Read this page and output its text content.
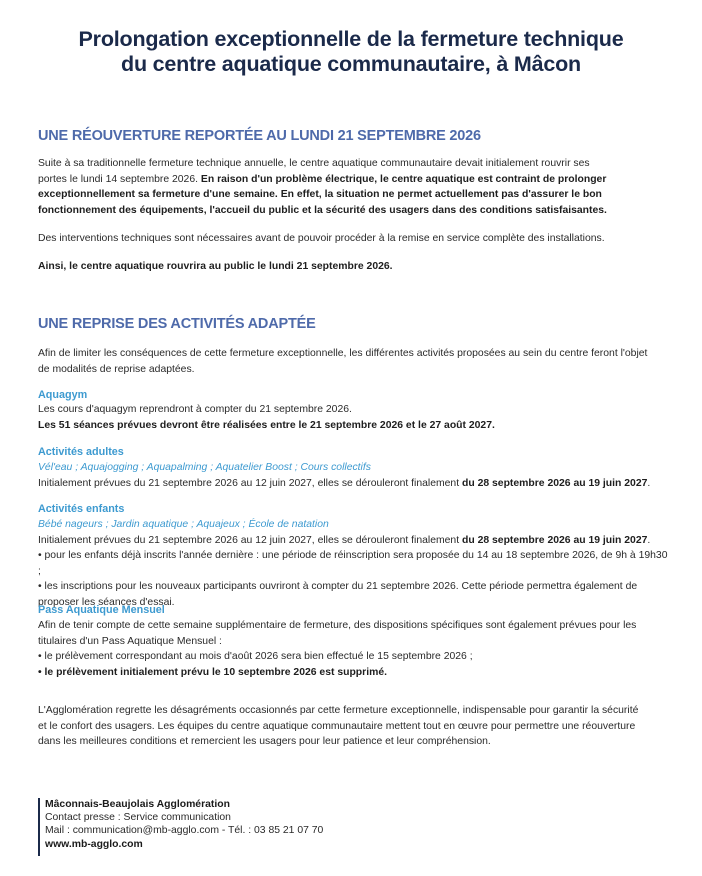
Prolongation exceptionnelle de la fermeture technique
du centre aquatique communautaire, à Mâcon
UNE RÉOUVERTURE REPORTÉE AU LUNDI 21 SEPTEMBRE 2026
Suite à sa traditionnelle fermeture technique annuelle, le centre aquatique communautaire devait initialement rouvrir ses
portes le lundi 14 septembre 2026. En raison d'un problème électrique, le centre aquatique est contraint de prolonger
exceptionnellement sa fermeture d'une semaine. En effet, la situation ne permet actuellement pas d'assurer le bon
fonctionnement des équipements, l'accueil du public et la sécurité des usagers dans des conditions satisfaisantes.

Des interventions techniques sont nécessaires avant de pouvoir procéder à la remise en service complète des installations.

Ainsi, le centre aquatique rouvrira au public le lundi 21 septembre 2026.

UNE REPRISE DES ACTIVITÉS ADAPTÉE
Afin de limiter les conséquences de cette fermeture exceptionnelle, les différentes activités proposées au sein du centre feront l'objet
de modalités de reprise adaptées.
Aquagym
Les cours d'aquagym reprendront à compter du 21 septembre 2026.
Les 51 séances prévues devront être réalisées entre le 21 septembre 2026 et le 27 août 2027.
Activités adultes
Vél'eau ; Aquajogging ; Aquapalming ; Aquatelier Boost ; Cours collectifs
Initialement prévues du 21 septembre 2026 au 12 juin 2027, elles se dérouleront finalement du 28 septembre 2026 au 19 juin 2027.
Activités enfants
Bébé nageurs ; Jardin aquatique ; Aquajeux ; École de natation
Initialement prévues du 21 septembre 2026 au 12 juin 2027, elles se dérouleront finalement du 28 septembre 2026 au 19 juin 2027.
• pour les enfants déjà inscrits l'année dernière : une période de réinscription sera proposée du 14 au 18 septembre 2026, de 9h à 19h30 ;
• les inscriptions pour les nouveaux participants ouvriront à compter du 21 septembre 2026. Cette période permettra également de
proposer les séances d'essai.
Pass Aquatique Mensuel
Afin de tenir compte de cette semaine supplémentaire de fermeture, des dispositions spécifiques sont également prévues pour les
titulaires d'un Pass Aquatique Mensuel :
• le prélèvement correspondant au mois d'août 2026 sera bien effectué le 15 septembre 2026 ;
• le prélèvement initialement prévu le 10 septembre 2026 est supprimé.
L'Agglomération regrette les désagréments occasionnés par cette fermeture exceptionnelle, indispensable pour garantir la sécurité
et le confort des usagers. Les équipes du centre aquatique communautaire mettent tout en œuvre pour permettre une réouverture
dans les meilleures conditions et remercient les usagers pour leur patience et leur compréhension.
Mâconnais-Beaujolais Agglomération
Contact presse : Service communication
Mail : communication@mb-agglo.com - Tél. : 03 85 21 07 70
www.mb-agglo.com
